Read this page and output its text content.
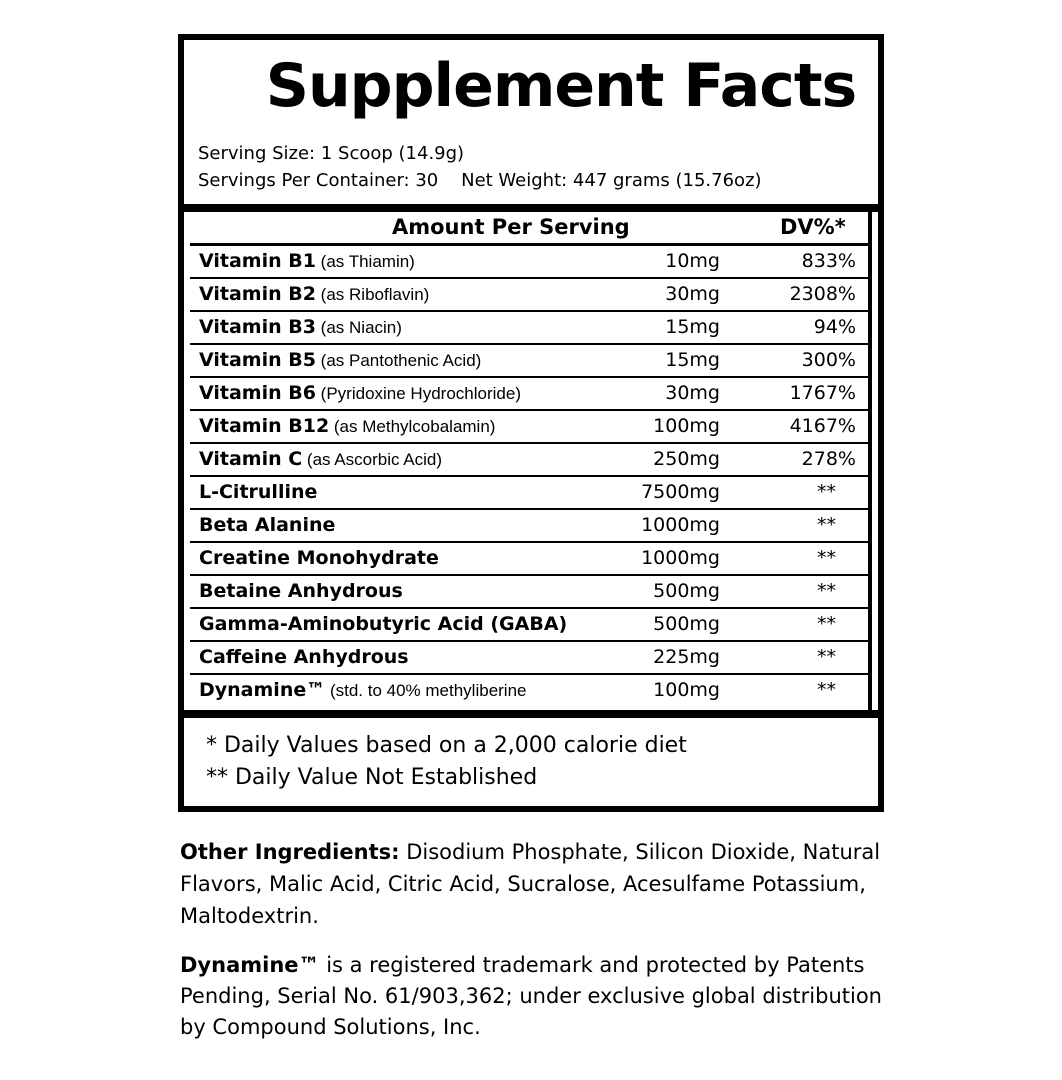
Supplement Facts
Serving Size: 1 Scoop (14.9g)
Servings Per Container: 30    Net Weight: 447 grams (15.76oz)
Amount Per Serving	DV%*
Vitamin B1 (as Thiamin)	10mg	833%
Vitamin B2 (as Riboflavin)	30mg	2308%
Vitamin B3 (as Niacin)	15mg	94%
Vitamin B5 (as Pantothenic Acid)	15mg	300%
Vitamin B6 (Pyridoxine Hydrochloride)	30mg	1767%
Vitamin B12 (as Methylcobalamin)	100mg	4167%
Vitamin C (as Ascorbic Acid)	250mg	278%
L-Citrulline	7500mg	**
Beta Alanine	1000mg	**
Creatine Monohydrate	1000mg	**
Betaine Anhydrous	500mg	**
Gamma-Aminobutyric Acid (GABA)	500mg	**
Caffeine Anhydrous	225mg	**
Dynamine™ (std. to 40% methyliberine	100mg	**
* Daily Values based on a 2,000 calorie diet
** Daily Value Not Established
Other Ingredients: Disodium Phosphate, Silicon Dioxide, Natural Flavors, Malic Acid, Citric Acid, Sucralose, Acesulfame Potassium, Maltodextrin.
Dynamine™ is a registered trademark and protected by Patents Pending, Serial No. 61/903,362; under exclusive global distribution by Compound Solutions, Inc.
